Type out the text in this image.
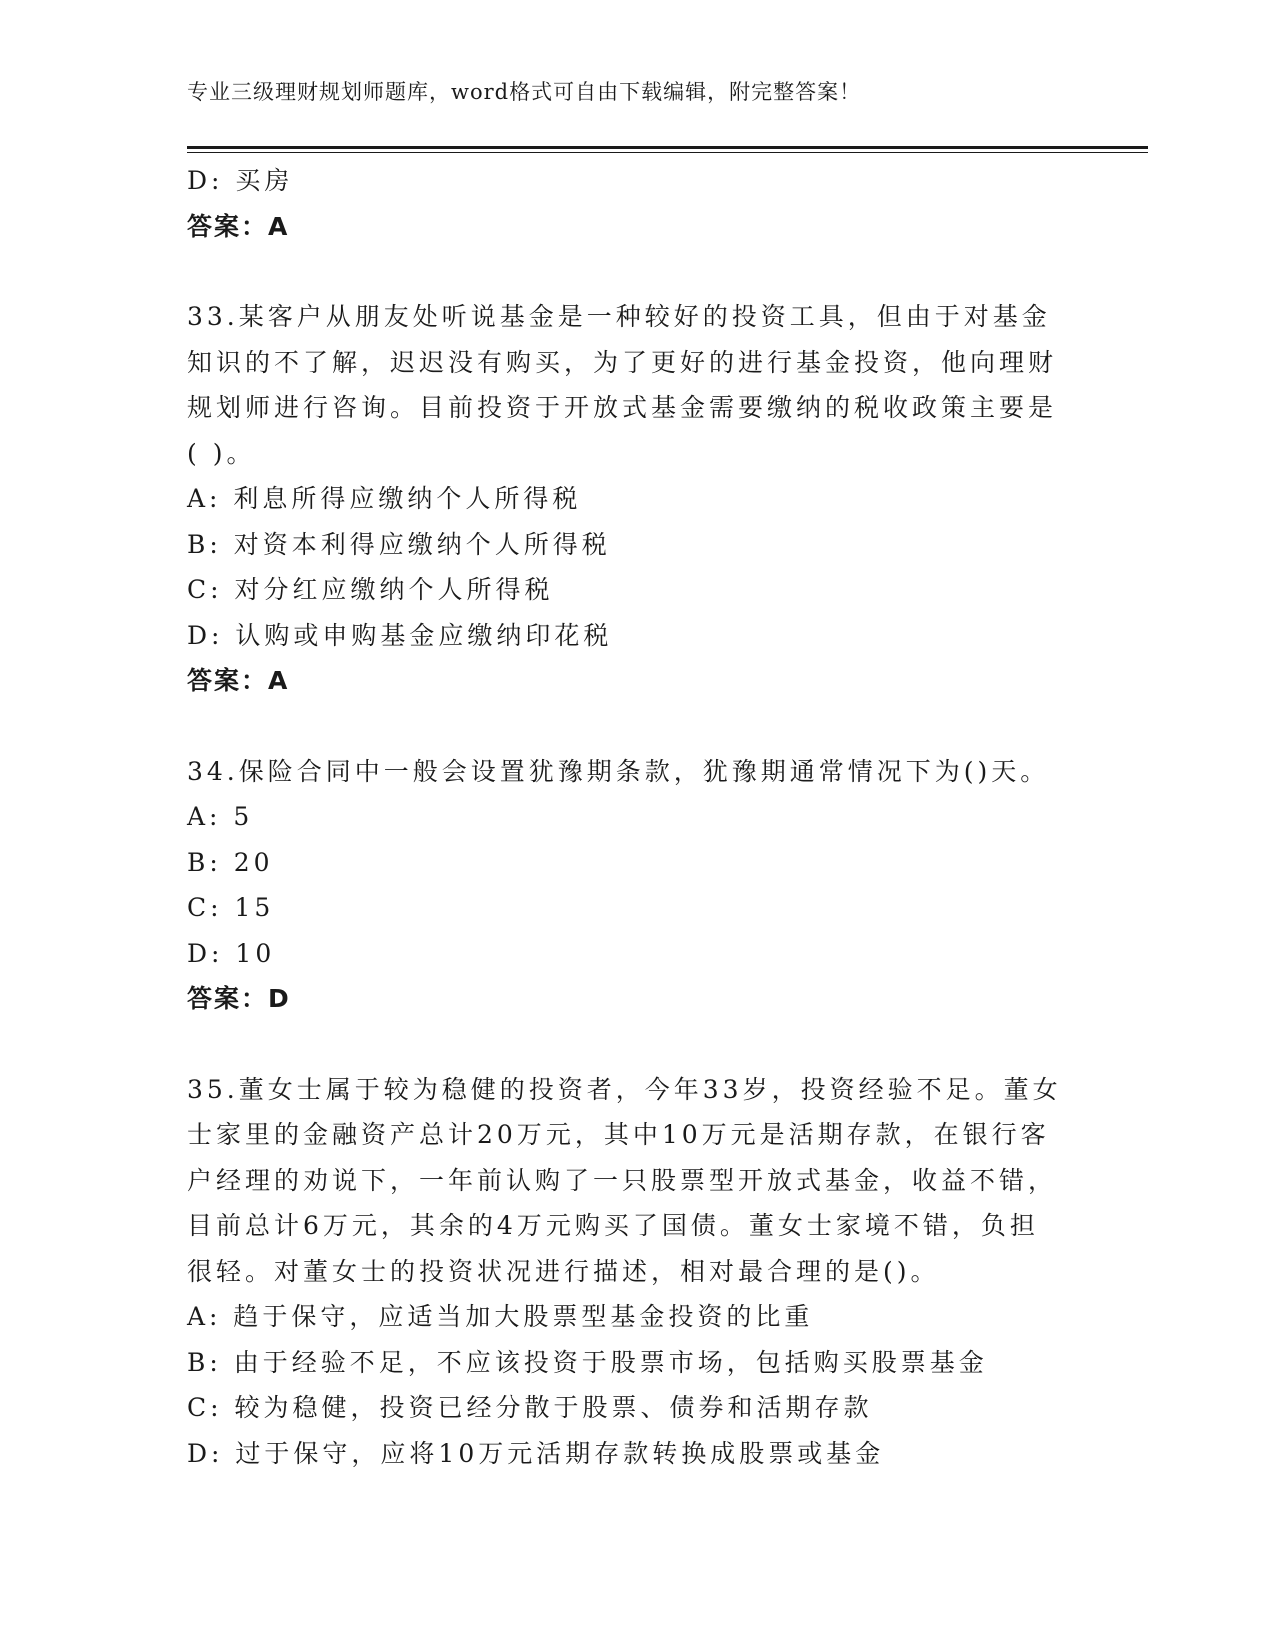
专业三级理财规划师题库，word格式可自由下载编辑，附完整答案！
D: 买房
答案：A
33.某客户从朋友处听说基金是一种较好的投资工具，但由于对基金知识的不了解，迟迟没有购买，为了更好的进行基金投资，他向理财规划师进行咨询。目前投资于开放式基金需要缴纳的税收政策主要是( )。
A: 利息所得应缴纳个人所得税
B: 对资本利得应缴纳个人所得税
C: 对分红应缴纳个人所得税
D: 认购或申购基金应缴纳印花税
答案：A
34.保险合同中一般会设置犹豫期条款，犹豫期通常情况下为()天。
A: 5
B: 20
C: 15
D: 10
答案：D
35.董女士属于较为稳健的投资者，今年33岁，投资经验不足。董女士家里的金融资产总计20万元，其中10万元是活期存款，在银行客户经理的劝说下，一年前认购了一只股票型开放式基金，收益不错，目前总计6万元，其余的4万元购买了国债。董女士家境不错，负担很轻。对董女士的投资状况进行描述，相对最合理的是()。
A: 趋于保守，应适当加大股票型基金投资的比重
B: 由于经验不足，不应该投资于股票市场，包括购买股票基金
C: 较为稳健，投资已经分散于股票、债券和活期存款
D: 过于保守，应将10万元活期存款转换成股票或基金
